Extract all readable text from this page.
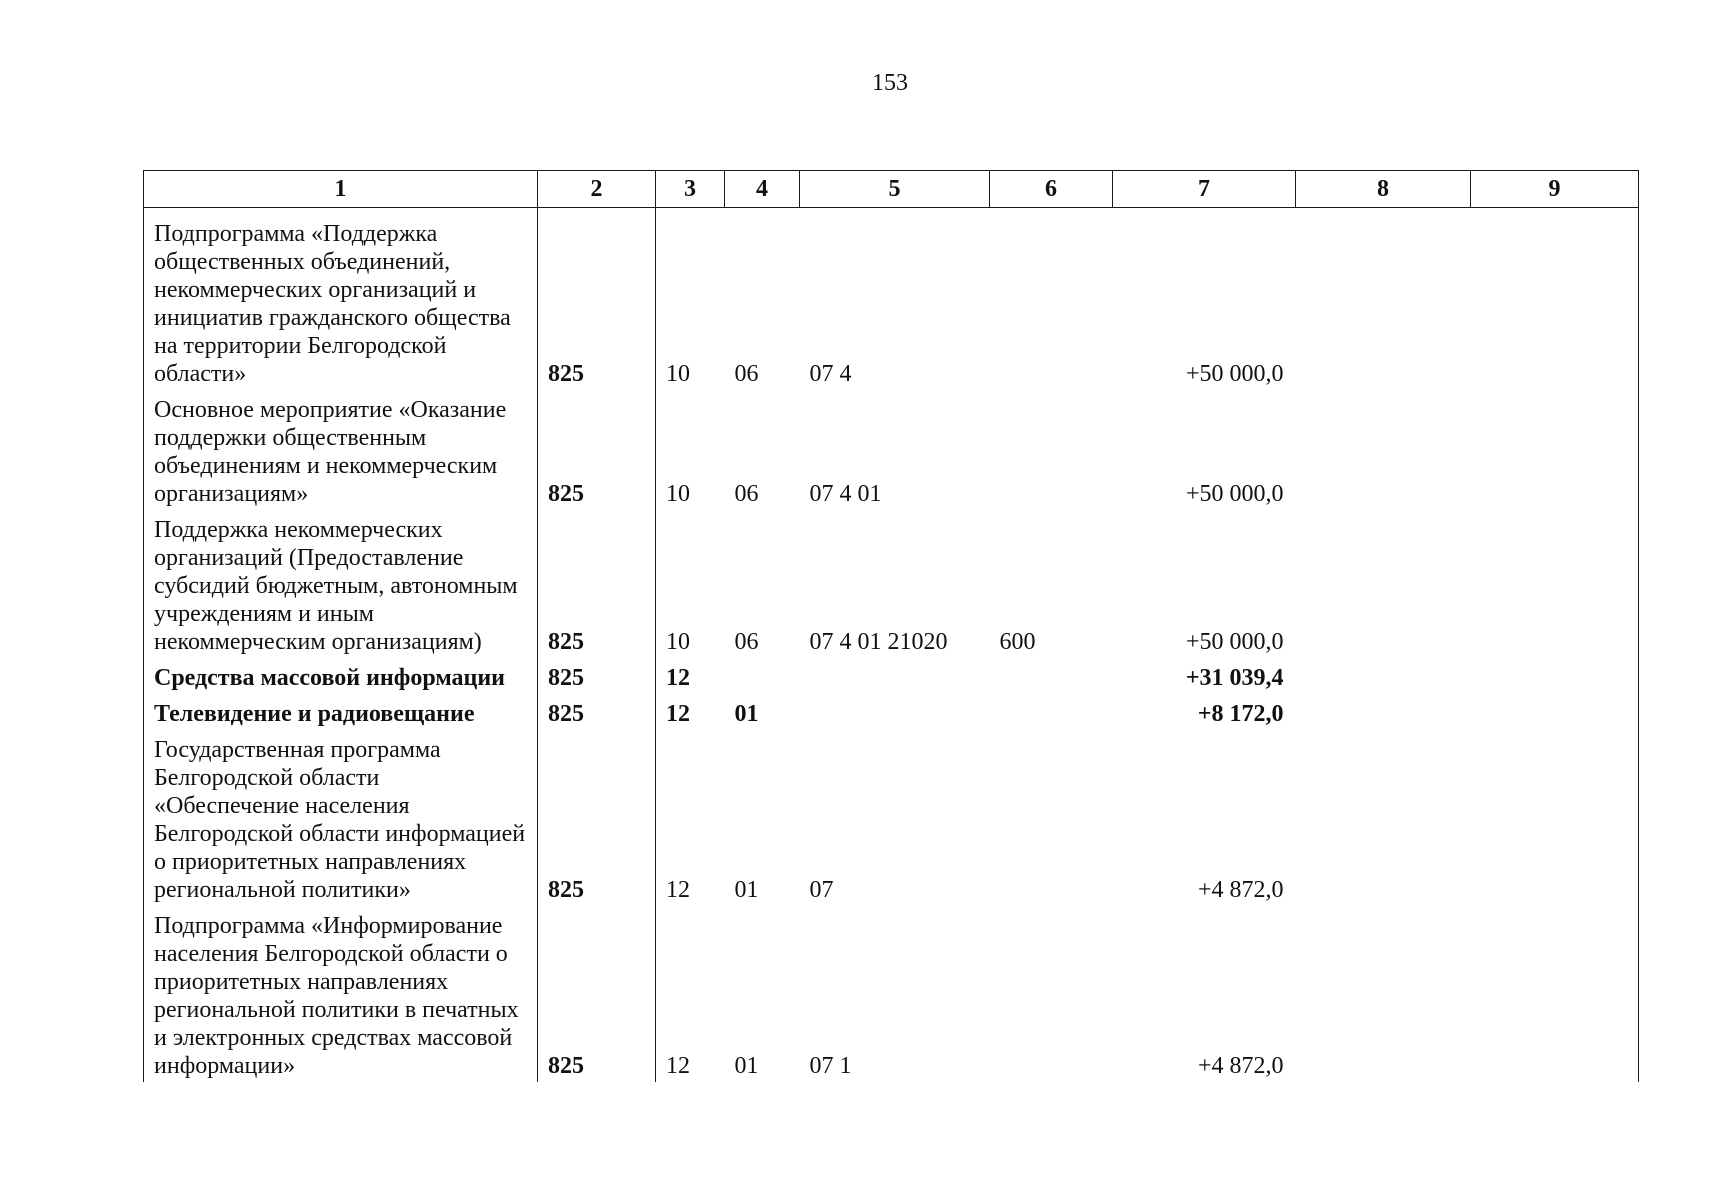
153
1	2	3	4	5	6	7	8	9
Подпрограмма «Поддержка общественных объединений, некоммерческих организаций и инициатив гражданского общества на территории Белгородской области»	825	10	06	07 4		+50 000,0		
Основное мероприятие «Оказание поддержки общественным объединениям и некоммерческим организациям»	825	10	06	07 4 01		+50 000,0		
Поддержка некоммерческих организаций (Предоставление субсидий бюджетным, автономным учреждениям и иным некоммерческим организациям)	825	10	06	07 4 01 21020	600	+50 000,0		
Средства массовой информации	825	12				+31 039,4		
Телевидение и радиовещание	825	12	01			+8 172,0		
Государственная программа Белгородской области «Обеспечение населения Белгородской области информацией о приоритетных направлениях региональной политики»	825	12	01	07		+4 872,0		
Подпрограмма «Информирование населения Белгородской области о приоритетных направлениях региональной политики в печатных и электронных средствах массовой информации»	825	12	01	07 1		+4 872,0		
